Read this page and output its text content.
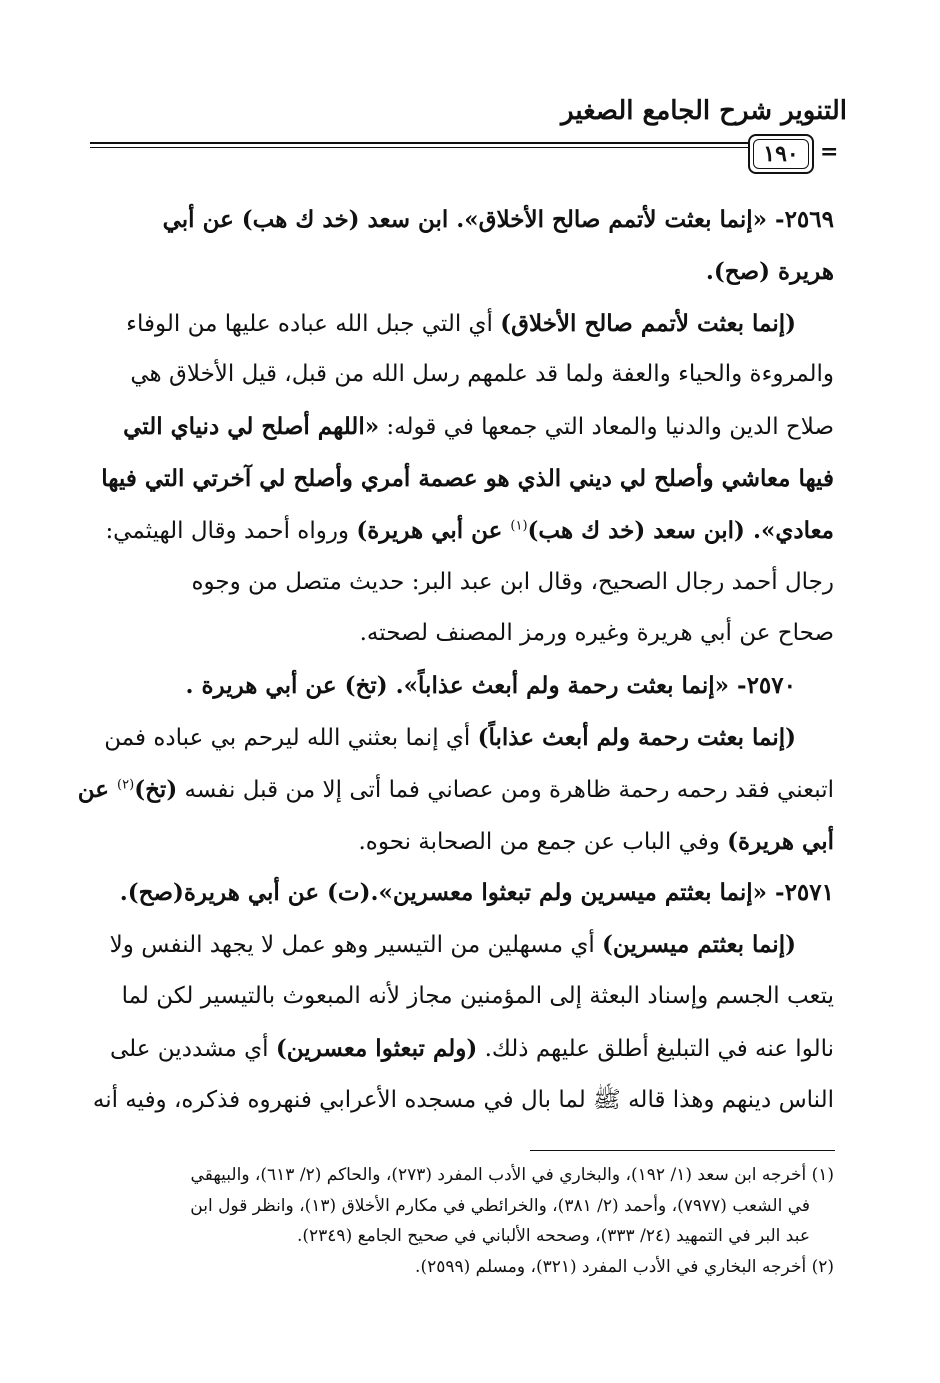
التنوير شرح الجامع الصغير
١٩٠ =
٢٥٦٩- «إنما بعثت لأتمم صالح الأخلاق». ابن سعد (خد ك هب) عن أبي
هريرة (صح).
(إنما بعثت لأتمم صالح الأخلاق) أي التي جبل الله عباده عليها من الوفاء
والمروءة والحياء والعفة ولما قد علمهم رسل الله من قبل، قيل الأخلاق هي
صلاح الدين والدنيا والمعاد التي جمعها في قوله: «اللهم أصلح لي دنياي التي
فيها معاشي وأصلح لي ديني الذي هو عصمة أمري وأصلح لي آخرتي التي فيها
معادي». (ابن سعد (خد ك هب)$^{(١)}$ عن أبي هريرة) ورواه أحمد وقال الهيثمي:
رجال أحمد رجال الصحيح، وقال ابن عبد البر: حديث متصل من وجوه
صحاح عن أبي هريرة وغيره ورمز المصنف لصحته.
٢٥٧٠- «إنما بعثت رحمة ولم أبعث عذاباً». (تخ) عن أبي هريرة .
(إنما بعثت رحمة ولم أبعث عذاباً) أي إنما بعثني الله ليرحم بي عباده فمن
اتبعني فقد رحمه رحمة ظاهرة ومن عصاني فما أتى إلا من قبل نفسه (تخ)$^{(٢)}$ عن
أبي هريرة) وفي الباب عن جمع من الصحابة نحوه.
٢٥٧١- «إنما بعثتم ميسرين ولم تبعثوا معسرين».(ت) عن أبي هريرة(صح).
(إنما بعثتم ميسرين) أي مسهلين من التيسير وهو عمل لا يجهد النفس ولا
يتعب الجسم وإسناد البعثة إلى المؤمنين مجاز لأنه المبعوث بالتيسير لكن لما
نالوا عنه في التبليغ أطلق عليهم ذلك. (ولم تبعثوا معسرين) أي مشددين على
الناس دينهم وهذا قاله ﷺ لما بال في مسجده الأعرابي فنهروه فذكره، وفيه أنه
(١) أخرجه ابن سعد (١/ ١٩٢)، والبخاري في الأدب المفرد (٢٧٣)، والحاكم (٢/ ٦١٣)، والبيهقي
في الشعب (٧٩٧٧)، وأحمد (٢/ ٣٨١)، والخرائطي في مكارم الأخلاق (١٣)، وانظر قول ابن
عبد البر في التمهيد (٢٤/ ٣٣٣)، وصححه الألباني في صحيح الجامع (٢٣٤٩).
(٢) أخرجه البخاري في الأدب المفرد (٣٢١)، ومسلم (٢٥٩٩).
